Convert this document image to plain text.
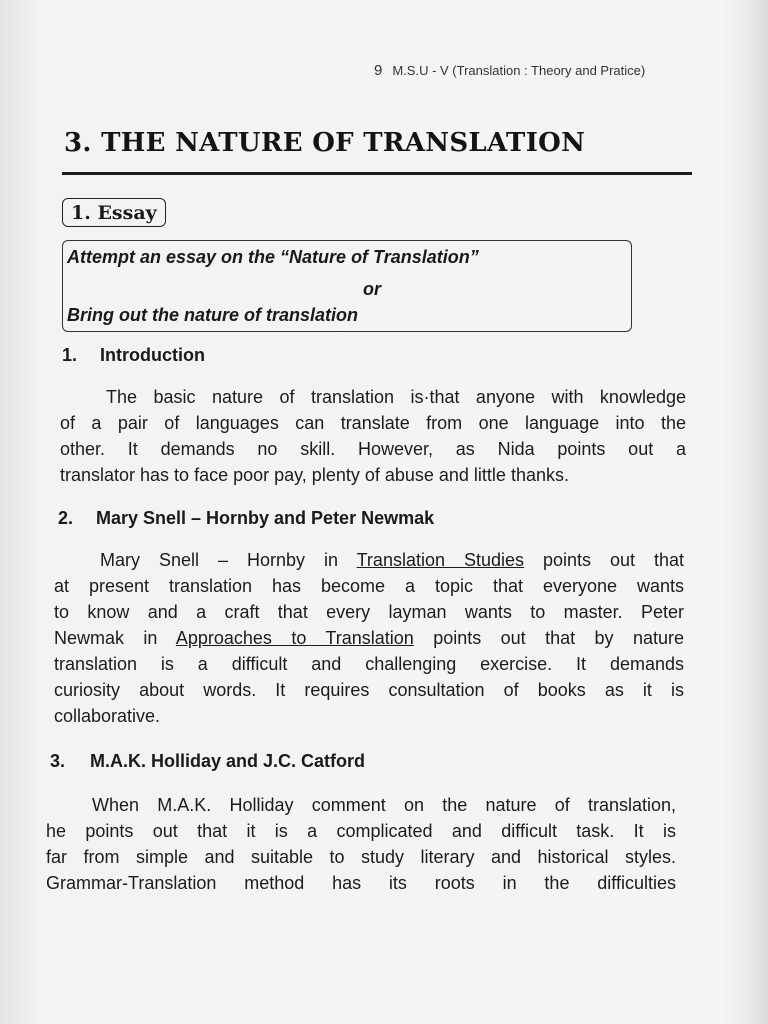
9 M.S.U - V (Translation : Theory and Pratice)
3. THE NATURE OF TRANSLATION
1. Essay
Attempt an essay on the “Nature of Translation”
or
Bring out the nature of translation
1. Introduction
The basic nature of translation is·that anyone with knowledge
of a pair of languages can translate from one language into the
other. It demands no skill. However, as Nida points out a
translator has to face poor pay, plenty of abuse and little thanks.
2. Mary Snell – Hornby and Peter Newmak
Mary Snell – Hornby in Translation Studies points out that
at present translation has become a topic that everyone wants
to know and a craft that every layman wants to master. Peter
Newmak in Approaches to Translation points out that by nature
translation is a difficult and challenging exercise. It demands
curiosity about words. It requires consultation of books as it is
collaborative.
3. M.A.K. Holliday and J.C. Catford
When M.A.K. Holliday comment on the nature of translation,
he points out that it is a complicated and difficult task. It is
far from simple and suitable to study literary and historical styles.
Grammar-Translation method has its roots in the difficulties
